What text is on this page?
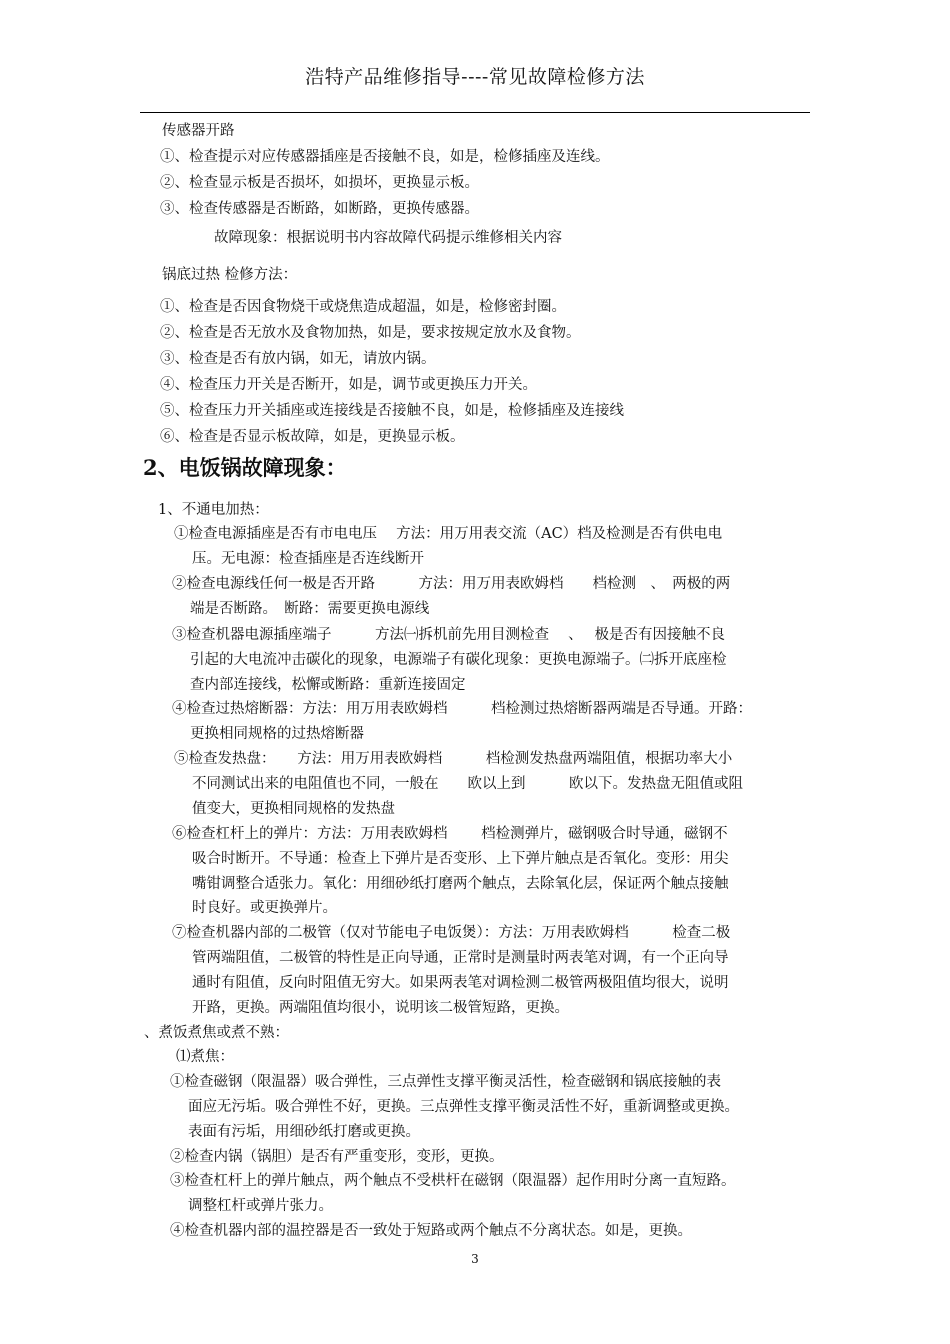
浩特产品维修指导----常见故障检修方法
传感器开路
①、检查提示对应传感器插座是否接触不良，如是，检修插座及连线。
②、检查显示板是否损坏，如损坏，更换显示板。
③、检查传感器是否断路，如断路，更换传感器。
故障现象：根据说明书内容故障代码提示维修相关内容
锅底过热 检修方法：
①、检查是否因食物烧干或烧焦造成超温，如是，检修密封圈。
②、检查是否无放水及食物加热，如是，要求按规定放水及食物。
③、检查是否有放内锅，如无，请放内锅。
④、检查压力开关是否断开，如是，调节或更换压力开关。
⑤、检查压力开关插座或连接线是否接触不良，如是，检修插座及连接线
⑥、检查是否显示板故障，如是，更换显示板。
2、电饭锅故障现象：
1、不通电加热：
①检查电源插座是否有市电电压　 方法：用万用表交流（AC）档及检测是否有供电电
压。无电源：检查插座是否连线断开
②检查电源线任何一极是否开路　　　方法：用万用表欧姆档　　档检测　、　两极的两
端是否断路。　断路：需要更换电源线
③检查机器电源插座端子　　　方法㈠拆机前先用目测检查　 、　 极是否有因接触不良
引起的大电流冲击碳化的现象，电源端子有碳化现象：更换电源端子。㈡拆开底座检
查内部连接线，松懈或断路：重新连接固定
④检查过热熔断器：方法：用万用表欧姆档　　　档检测过热熔断器两端是否导通。开路：
更换相同规格的过热熔断器
⑤检查发热盘：　　方法：用万用表欧姆档　　　档检测发热盘两端阻值，根据功率大小
不同测试出来的电阻值也不同，一般在　　欧以上到　　　欧以下。发热盘无阻值或阻
值变大，更换相同规格的发热盘
⑥检查杠杆上的弹片：方法：万用表欧姆档　　 档检测弹片，磁钢吸合时导通，磁钢不
吸合时断开。不导通：检查上下弹片是否变形、上下弹片触点是否氧化。变形：用尖
嘴钳调整合适张力。氧化：用细砂纸打磨两个触点，去除氧化层，保证两个触点接触
时良好。或更换弹片。
⑦检查机器内部的二极管（仅对节能电子电饭煲）：方法：万用表欧姆档　　　检查二极
管两端阻值，二极管的特性是正向导通，正常时是测量时两表笔对调，有一个正向导
通时有阻值，反向时阻值无穷大。如果两表笔对调检测二极管两极阻值均很大，说明
开路，更换。两端阻值均很小，说明该二极管短路，更换。
、煮饭煮焦或煮不熟：
⑴煮焦：
①检查磁钢（限温器）吸合弹性，三点弹性支撑平衡灵活性，检查磁钢和锅底接触的表
面应无污垢。吸合弹性不好，更换。三点弹性支撑平衡灵活性不好，重新调整或更换。
表面有污垢，用细砂纸打磨或更换。
②检查内锅（锅胆）是否有严重变形，变形，更换。
③检查杠杆上的弹片触点，两个触点不受栱杆在磁钢（限温器）起作用时分离一直短路。
调整杠杆或弹片张力。
④检查机器内部的温控器是否一致处于短路或两个触点不分离状态。如是，更换。
3
